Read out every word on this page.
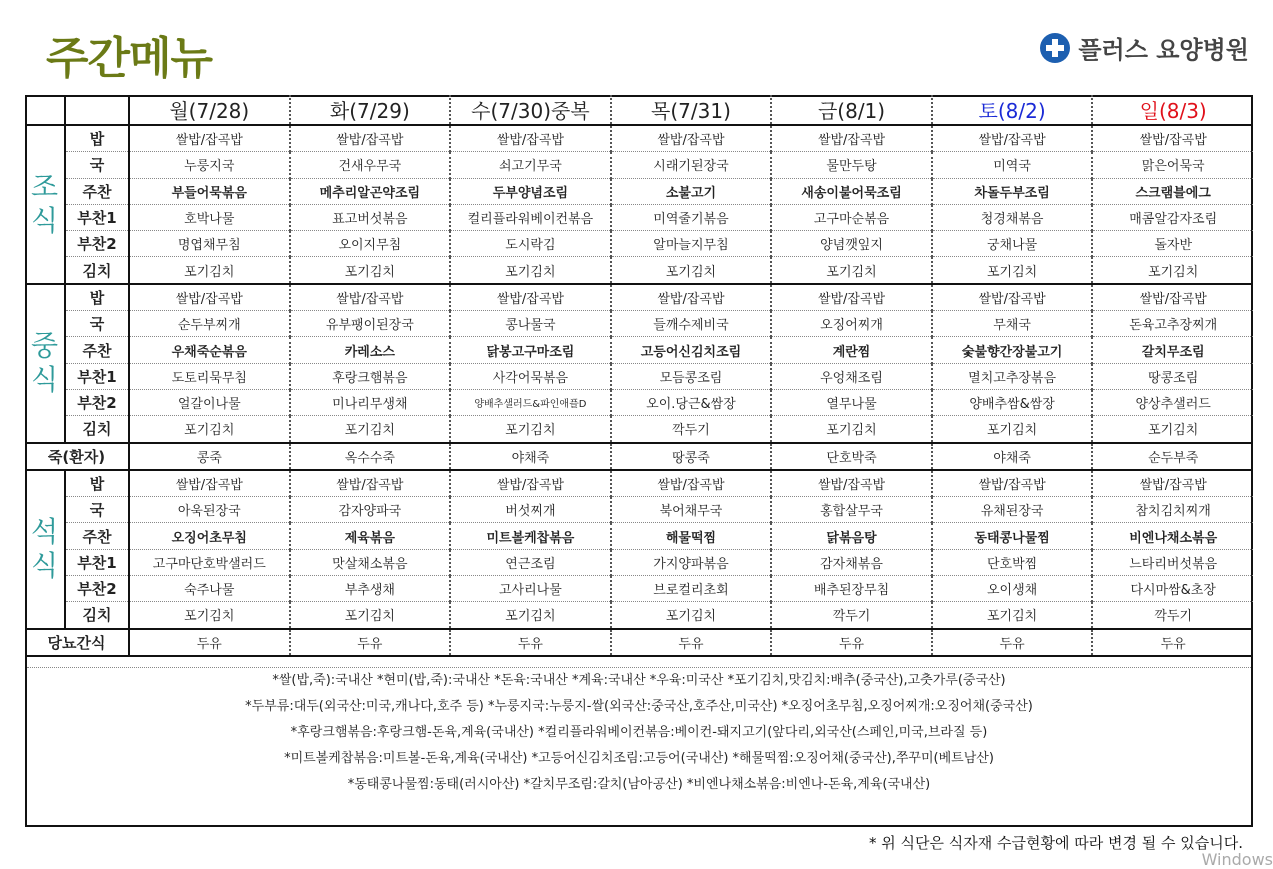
주간메뉴	플러스 요양병원
		월(7/28)	화(7/29)	수(7/30)중복	목(7/31)	금(8/1)	토(8/2)	일(8/3)
조식	밥	쌀밥/잡곡밥	쌀밥/잡곡밥	쌀밥/잡곡밥	쌀밥/잡곡밥	쌀밥/잡곡밥	쌀밥/잡곡밥	쌀밥/잡곡밥
	국	누룽지국	건새우무국	쇠고기무국	시래기된장국	물만두탕	미역국	맑은어묵국
	주찬	부들어묵볶음	메추리알곤약조림	두부양념조림	소불고기	새송이불어묵조림	차돌두부조림	스크램블에그
	부찬1	호박나물	표고버섯볶음	컬리플라워베이컨볶음	미역줄기볶음	고구마순볶음	청경채볶음	매콤알감자조림
	부찬2	명엽채무침	오이지무침	도시락김	알마늘지무침	양념깻잎지	궁채나물	돌자반
	김치	포기김치	포기김치	포기김치	포기김치	포기김치	포기김치	포기김치
중식	밥	쌀밥/잡곡밥	쌀밥/잡곡밥	쌀밥/잡곡밥	쌀밥/잡곡밥	쌀밥/잡곡밥	쌀밥/잡곡밥	쌀밥/잡곡밥
	국	순두부찌개	유부팽이된장국	콩나물국	들깨수제비국	오징어찌개	무채국	돈육고추장찌개
	주찬	우채죽순볶음	카레소스	닭봉고구마조림	고등어신김치조림	계란찜	숯불향간장불고기	갈치무조림
	부찬1	도토리묵무침	후랑크햄볶음	사각어묵볶음	모듬콩조림	우엉채조림	멸치고추장볶음	땅콩조림
	부찬2	얼갈이나물	미나리무생채	양배추샐러드&파인애플D	오이.당근&쌈장	열무나물	양배추쌈&쌈장	양상추샐러드
	김치	포기김치	포기김치	포기김치	깍두기	포기김치	포기김치	포기김치
죽(환자)		콩죽	옥수수죽	야채죽	땅콩죽	단호박죽	야채죽	순두부죽
석식	밥	쌀밥/잡곡밥	쌀밥/잡곡밥	쌀밥/잡곡밥	쌀밥/잡곡밥	쌀밥/잡곡밥	쌀밥/잡곡밥	쌀밥/잡곡밥
	국	아욱된장국	감자양파국	버섯찌개	북어채무국	홍합살무국	유채된장국	참치김치찌개
	주찬	오징어초무침	제육볶음	미트볼케찹볶음	해물떡찜	닭볶음탕	동태콩나물찜	비엔나채소볶음
	부찬1	고구마단호박샐러드	맛살채소볶음	연근조림	가지양파볶음	감자채볶음	단호박찜	느타리버섯볶음
	부찬2	숙주나물	부추생채	고사리나물	브로컬리초회	배추된장무침	오이생채	다시마쌈&초장
	김치	포기김치	포기김치	포기김치	포기김치	깍두기	포기김치	깍두기
당뇨간식		두유	두유	두유	두유	두유	두유	두유
*쌀(밥,죽):국내산 *현미(밥,죽):국내산 *돈육:국내산 *계육:국내산 *우육:미국산 *포기김치,맛김치:배추(중국산),고춧가루(중국산)
*두부류:대두(외국산:미국,캐나다,호주 등) *누룽지국:누룽지-쌀(외국산:중국산,호주산,미국산) *오징어초무침,오징어찌개:오징어채(중국산)
*후랑크햄볶음:후랑크햄-돈육,계육(국내산) *컬리플라워베이컨볶음:베이컨-돼지고기(앞다리,외국산(스페인,미국,브라질 등)
*미트볼케찹볶음:미트볼-돈육,계육(국내산) *고등어신김치조림:고등어(국내산) *해물떡찜:오징어채(중국산),쭈꾸미(베트남산)
*동태콩나물찜:동태(러시아산) *갈치무조림:갈치(남아공산) *비엔나채소볶음:비엔나-돈육,계육(국내산)
* 위 식단은 식자재 수급현황에 따라 변경 될 수 있습니다.
Windows
